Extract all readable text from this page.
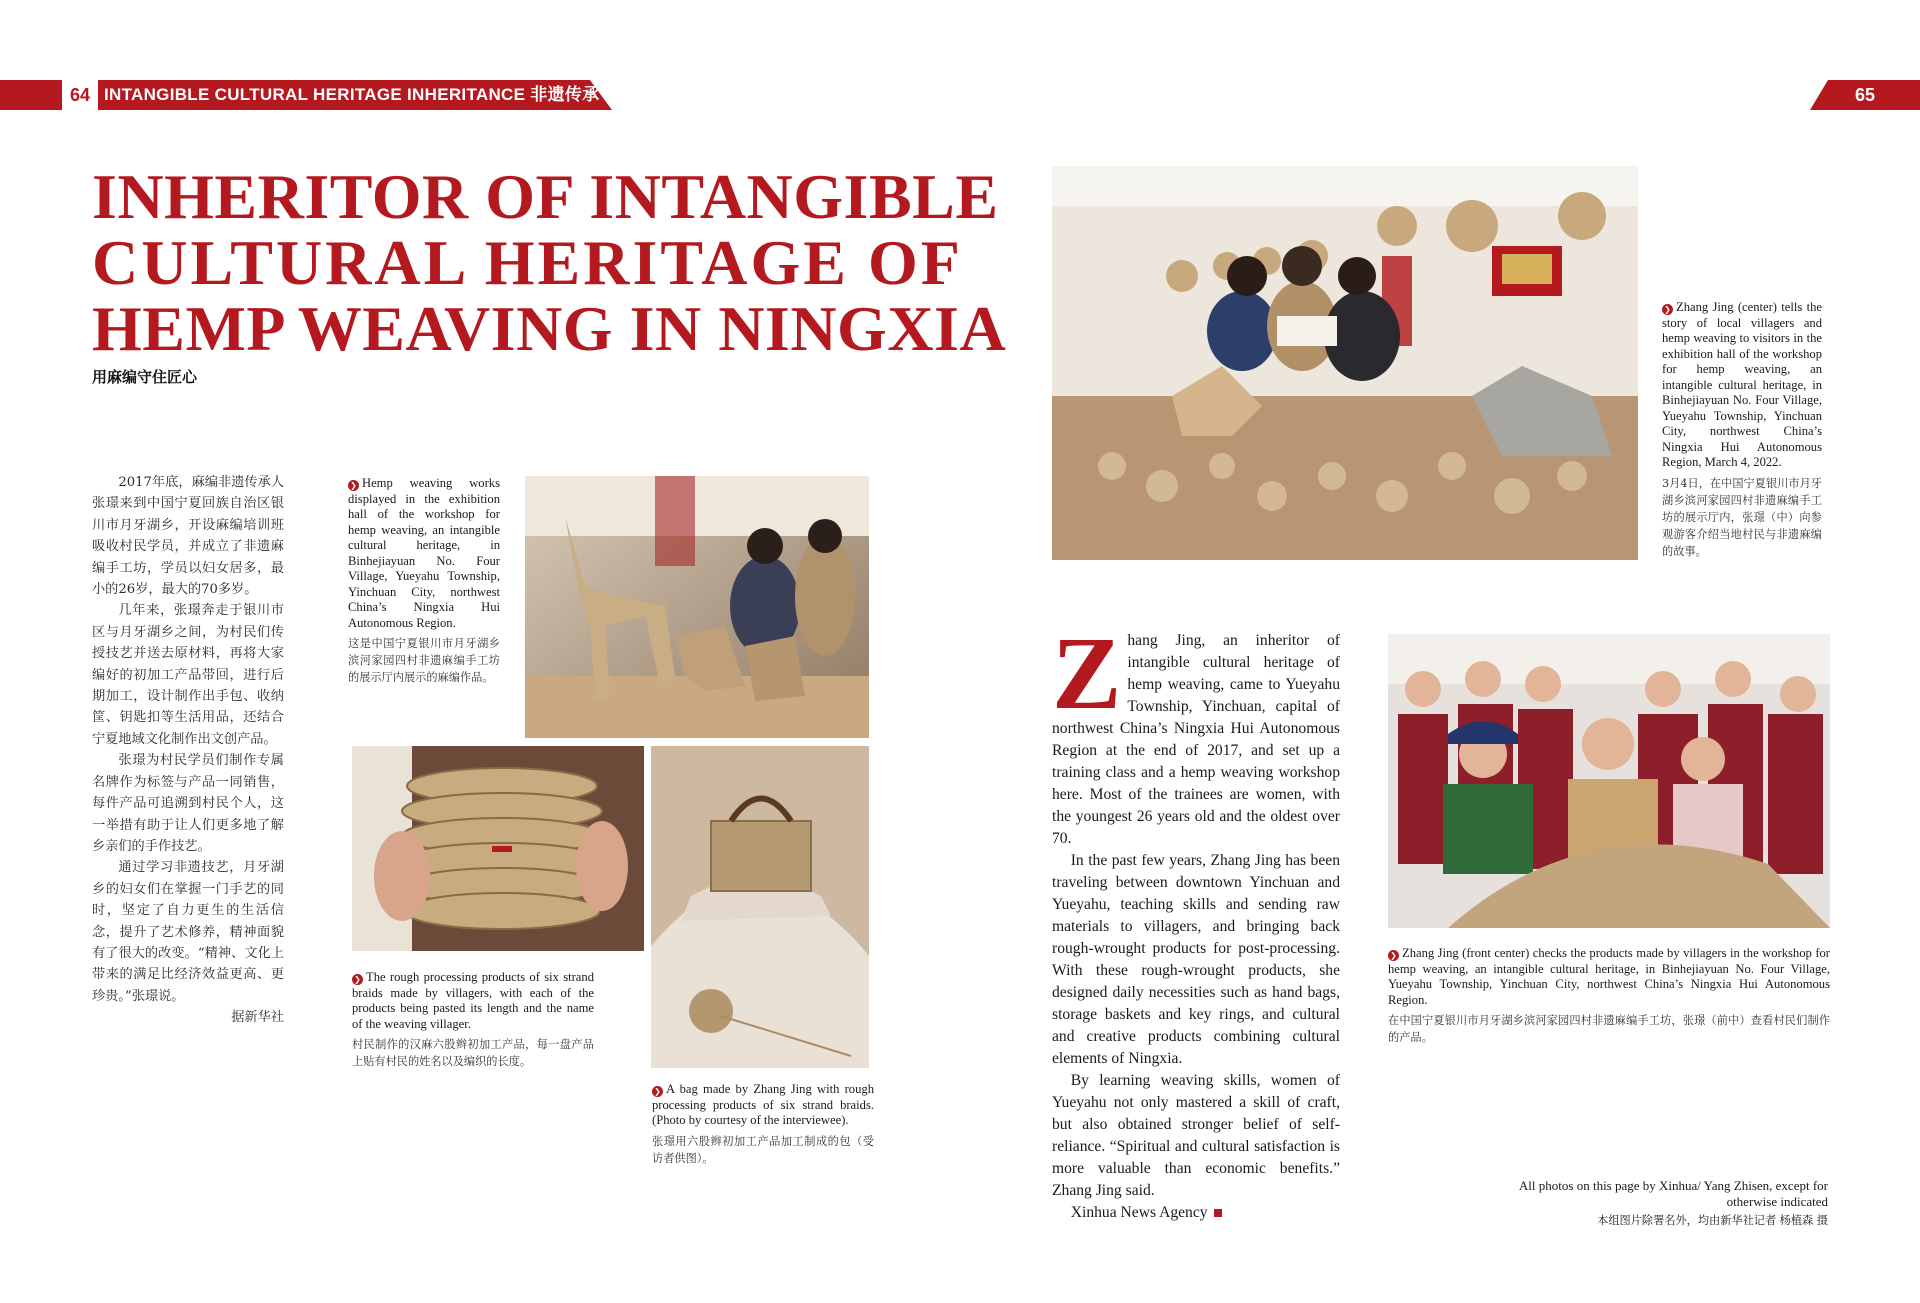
64 INTANGIBLE CULTURAL HERITAGE INHERITANCE 非遗传承	65
INHERITOR OF INTANGIBLE
CULTURAL HERITAGE OF
HEMP WEAVING IN NINGXIA
用麻编守住匠心

2017年底，麻编非遗传承人张璟来到中国宁夏回族自治区银川市月牙湖乡，开设麻编培训班吸收村民学员，并成立了非遗麻编手工坊，学员以妇女居多，最小的26岁，最大的70多岁。

几年来，张璟奔走于银川市区与月牙湖乡之间，为村民们传授技艺并送去原材料，再将大家编好的初加工产品带回，进行后期加工，设计制作出手包、收纳筐、钥匙扣等生活用品，还结合宁夏地域文化制作出文创产品。

张璟为村民学员们制作专属名牌作为标签与产品一同销售，每件产品可追溯到村民个人，这一举措有助于让人们更多地了解乡亲们的手作技艺。

通过学习非遗技艺，月牙湖乡的妇女们在掌握一门手艺的同时，坚定了自力更生的生活信念，提升了艺术修养，精神面貌有了很大的改变。“精神、文化上带来的满足比经济效益更高、更珍贵。”张璟说。

据新华社

❯ Hemp weaving works displayed in the exhibition hall of the workshop for hemp weaving, an intangible cultural heritage, in Binhejiayuan No. Four Village, Yueyahu Township, Yinchuan City, northwest China’s Ningxia Hui Autonomous Region.
这是中国宁夏银川市月牙湖乡滨河家园四村非遗麻编手工坊的展示厅内展示的麻编作品。
❯ The rough processing products of six strand braids made by villagers, with each of the products being pasted its length and the name of the weaving villager.
村民制作的汉麻六股辫初加工产品，每一盘产品上贴有村民的姓名以及编织的长度。
❯ A bag made by Zhang Jing with rough processing products of six strand braids. (Photo by courtesy of the interviewee).
张璟用六股辫初加工产品加工制成的包（受访者供图）。
❯ Zhang Jing (center) tells the story of local villagers and hemp weaving to visitors in the exhibition hall of the workshop for hemp weaving, an intangible cultural heritage, in Binhejiayuan No. Four Village, Yueyahu Township, Yinchuan City, northwest China’s Ningxia Hui Autonomous Region, March 4, 2022.
3月4日，在中国宁夏银川市月牙湖乡滨河家园四村非遗麻编手工坊的展示厅内，张璟（中）向参观游客介绍当地村民与非遗麻编的故事。
Z hang Jing, an inheritor of intangible cultural heritage of hemp weaving, came to Yueyahu Township, Yinchuan, capital of northwest China’s Ningxia Hui Autonomous Region at the end of 2017, and set up a training class and a hemp weaving workshop here. Most of the trainees are women, with the youngest 26 years old and the oldest over 70.

In the past few years, Zhang Jing has been traveling between downtown Yinchuan and Yueyahu, teaching skills and sending raw materials to villagers, and bringing back rough-wrought products for post-processing. With these rough-wrought products, she designed daily necessities such as hand bags, storage baskets and key rings, and cultural and creative products combining cultural elements of Ningxia.

By learning weaving skills, women of Yueyahu not only mastered a skill of craft, but also obtained stronger belief of self-reliance. “Spiritual and cultural satisfaction is more valuable than economic benefits.” Zhang Jing said.

Xinhua News Agency

❯ Zhang Jing (front center) checks the products made by villagers in the workshop for hemp weaving, an intangible cultural heritage, in Binhejiayuan No. Four Village, Yueyahu Township, Yinchuan City, northwest China’s Ningxia Hui Autonomous Region.
在中国宁夏银川市月牙湖乡滨河家园四村非遗麻编手工坊，张璟（前中）查看村民们制作的产品。
All photos on this page by Xinhua/ Yang Zhisen, except for otherwise indicated
本组图片除署名外，均由新华社记者 杨植森 摄
